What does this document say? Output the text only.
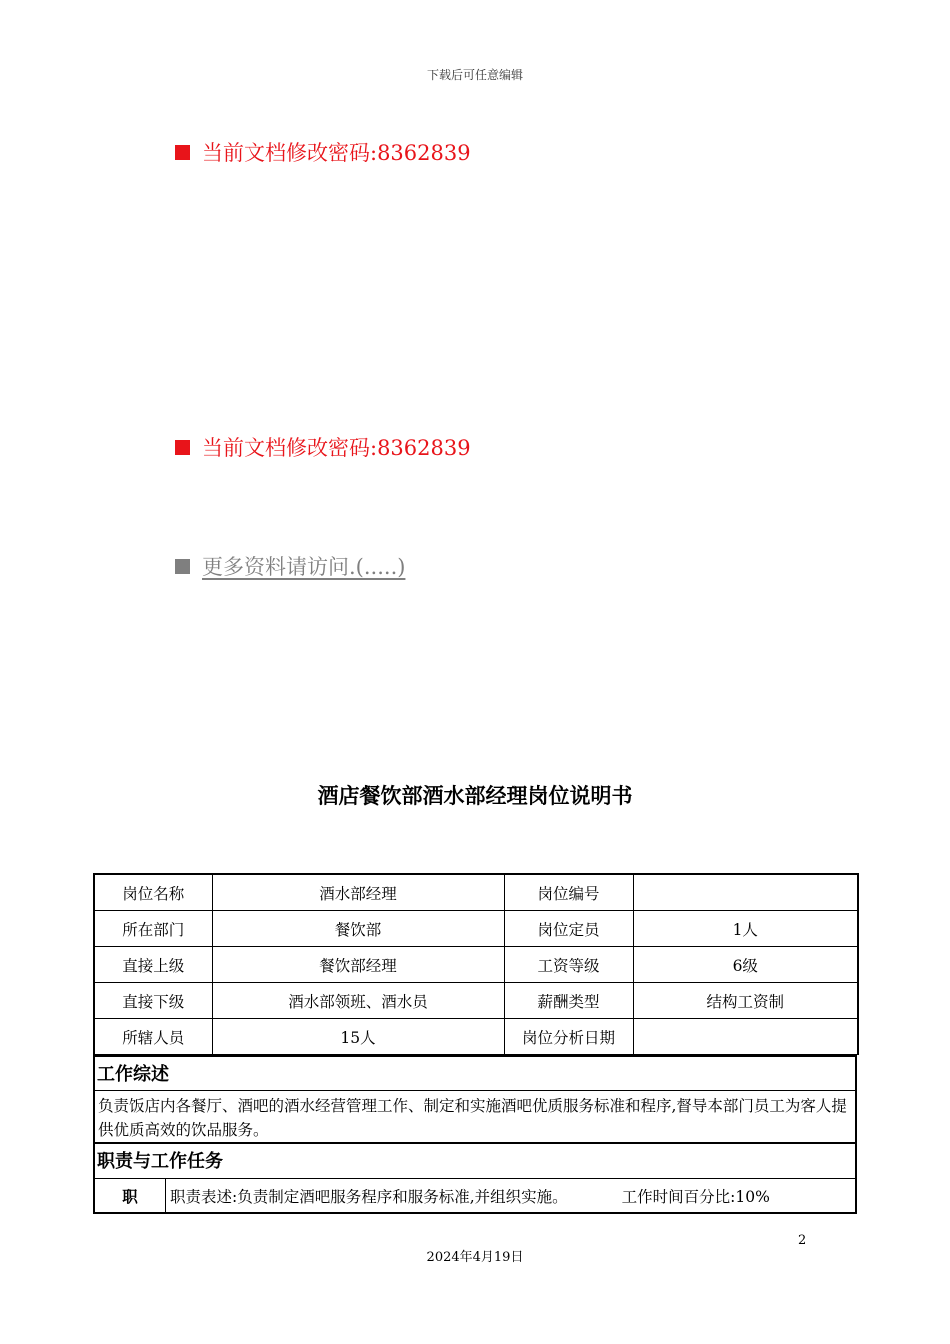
下载后可任意编辑
当前文档修改密码:8362839
当前文档修改密码:8362839
更多资料请访问.(.....)
酒店餐饮部酒水部经理岗位说明书
岗位名称	酒水部经理	岗位编号	
所在部门	餐饮部	岗位定员	1人
直接上级	餐饮部经理	工资等级	6级
直接下级	酒水部领班、酒水员	薪酬类型	结构工资制
所辖人员	15人	岗位分析日期	
工作综述
负责饭店内各餐厅、酒吧的酒水经营管理工作、制定和实施酒吧优质服务标准和程序,督导本部门员工为客人提供优质高效的饮品服务。
职责与工作任务
职	职责表述:负责制定酒吧服务程序和服务标准,并组织实施。	工作时间百分比:10%
2
2024年4月19日
